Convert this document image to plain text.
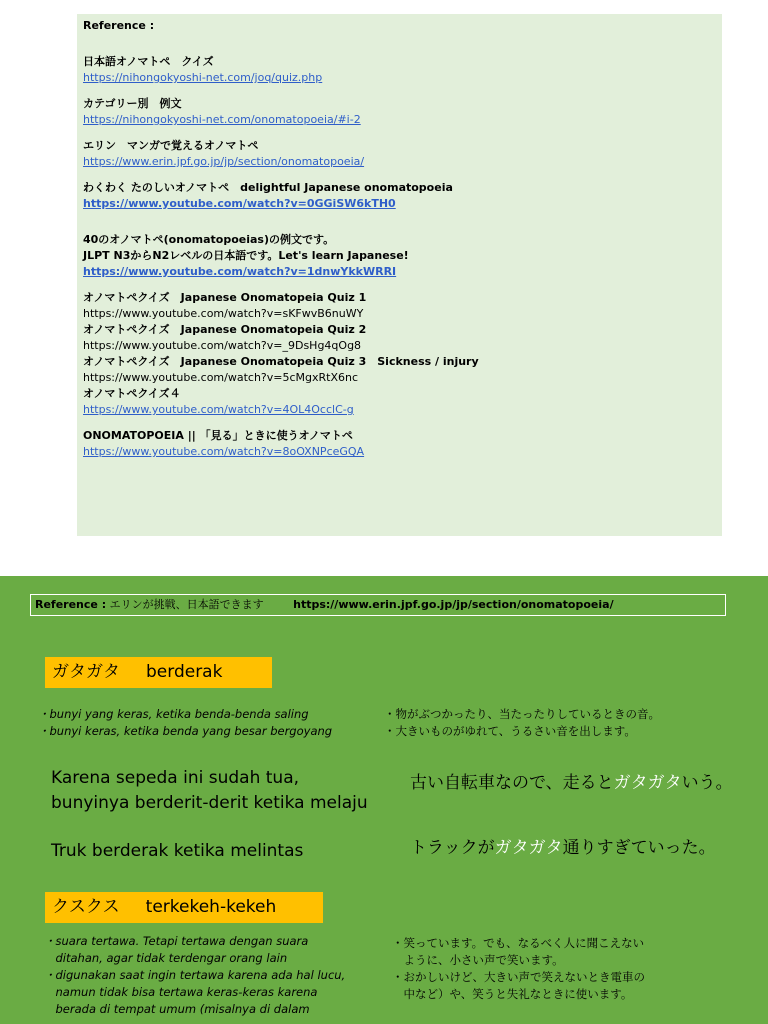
Reference :
日本語オノマトペ　クイズ
https://nihongokyoshi-net.com/joq/quiz.php
カテゴリー別　例文
https://nihongokyoshi-net.com/onomatopoeia/#i-2
エリン　マンガで覚えるオノマトペ
https://www.erin.jpf.go.jp/jp/section/onomatopoeia/
わくわく たのしいオノマトペ　delightful Japanese onomatopoeia
https://www.youtube.com/watch?v=0GGiSW6kTH0
40のオノマトペ(onomatopoeias)の例文です。
JLPT N3からN2レベルの日本語です。Let's learn Japanese!
https://www.youtube.com/watch?v=1dnwYkkWRRI
オノマトペクイズ　Japanese Onomatopeia Quiz 1
https://www.youtube.com/watch?v=sKFwvB6nuWY
オノマトペクイズ　Japanese Onomatopeia Quiz 2
https://www.youtube.com/watch?v=_9DsHg4qOg8
オノマトペクイズ　Japanese Onomatopeia Quiz 3　Sickness / injury
https://www.youtube.com/watch?v=5cMgxRtX6nc
オノマトペクイズ４
https://www.youtube.com/watch?v=4OL4OcclC-g
ONOMATOPOEIA || 「見る」ときに使うオノマトペ
https://www.youtube.com/watch?v=8oOXNPceGQA
Reference : エリンが挑戦、日本語できます	https://www.erin.jpf.go.jp/jp/section/onomatopoeia/
ガタガタ berderak
・bunyi yang keras, ketika benda-benda saling
・bunyi keras, ketika benda yang besar bergoyang
・物がぶつかったり、当たったりしているときの音。
・大きいものがゆれて、うるさい音を出します。
Karena sepeda ini sudah tua,
bunyinya berderit-derit ketika melaju
古い自転車なので、走るとガタガタいう。
Truk berderak ketika melintas	トラックがガタガタ通りすぎていった。
クスクス terkekeh-kekeh
・suara tertawa. Tetapi tertawa dengan suara
　ditahan, agar tidak terdengar orang lain
・digunakan saat ingin tertawa karena ada hal lucu,
　namun tidak bisa tertawa keras-keras karena
　berada di tempat umum (misalnya di dalam
・笑っています。でも、なるべく人に聞こえない
　ように、小さい声で笑います。
・おかしいけど、大きい声で笑えないとき電車の
　中など）や、笑うと失礼なときに使います。
